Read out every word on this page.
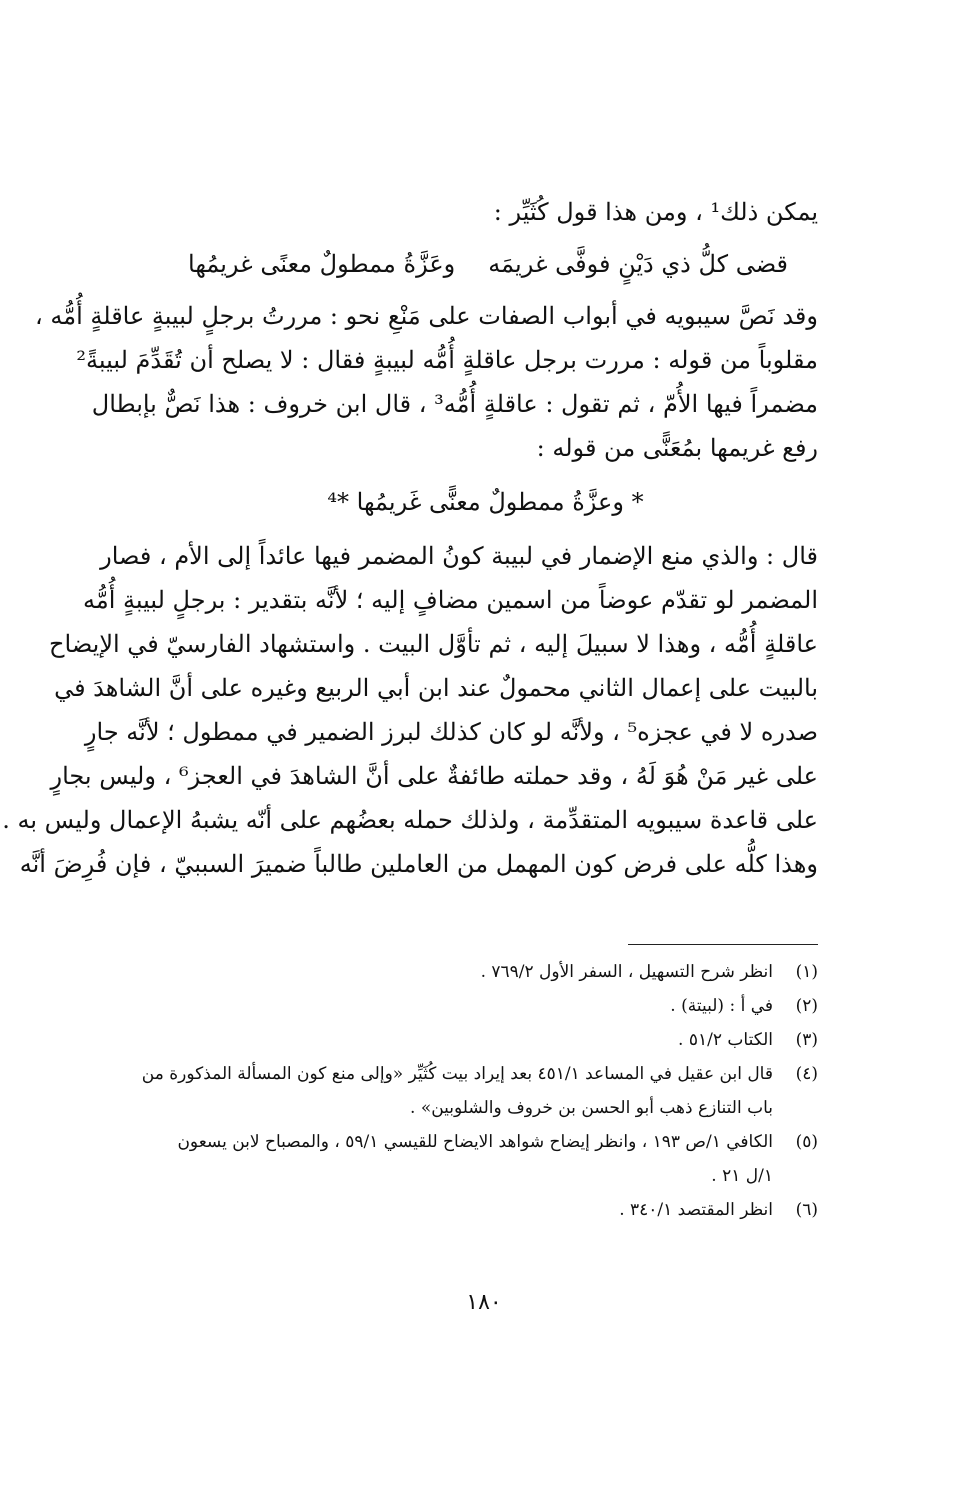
يمكن ذلك¹ ، ومن هذا قول كُثَيِّر :
قضى كلُّ ذي دَيْنٍ فوفَّى غريمَه
وعَزَّةُ ممطولٌ معنًى غريمُها
وقد نَصَّ سيبويه في أبواب الصفات على مَنْعِ نحو : مررتُ برجلٍ لبيبةٍ عاقلةٍ أُمُّه ،
مقلوباً من قوله : مررت برجل عاقلةٍ أُمُّه لبيبةٍ فقال : لا يصلح أن تُقَدِّمَ لبيبةً²
مضمراً فيها الأُمّ ، ثم تقول : عاقلةٍ أُمُّه³ ، قال ابن خروف : هذا نَصٌّ بإبطال
رفع غريمها بمُعَنًّى من قوله :
* وعزَّةُ ممطولٌ معنًّى غَريمُها *⁴
قال : والذي منع الإضمار في لبيبة كونُ المضمر فيها عائداً إلى الأم ، فصار
المضمر لو تقدّم عوضاً من اسمين مضافٍ إليه ؛ لأنَّه بتقدير : برجلٍ لبيبةٍ أُمُّه
عاقلةٍ أُمُّه ، وهذا لا سبيلَ إليه ، ثم تأوَّل البيت . واستشهاد الفارسيّ في الإيضاح
بالبيت على إعمال الثاني محمولٌ عند ابن أبي الربيع وغيره على أنَّ الشاهدَ في
صدره لا في عجزه⁵ ، ولأنَّه لو كان كذلك لبرز الضمير في ممطول ؛ لأنَّه جارٍ
على غير مَنْ هُوَ لَهُ ، وقد حملته طائفةٌ على أنَّ الشاهدَ في العجز⁶ ، وليس بجارٍ
على قاعدة سيبويه المتقدِّمة ، ولذلك حمله بعضُهم على أنّه يشبهُ الإعمال وليس به .
وهذا كلُّه على فرض كون المهمل من العاملين طالباً ضميرَ السببيّ ، فإن فُرِضَ أنَّه
(١)
انظر شرح التسهيل ، السفر الأول ٧٦٩/٢ .
(٢)
في أ : (لبيتة) .
(٣)
الكتاب ٥١/٢ .
(٤)
قال ابن عقيل في المساعد ٤٥١/١ بعد إيراد بيت كُثَيِّر «وإلى منع كون المسألة المذكورة من
باب التنازع ذهب أبو الحسن بن خروف والشلوبين» .
(٥)
الكافي ١/ص ١٩٣ ، وانظر إيضاح شواهد الايضاح للقيسي ٥٩/١ ، والمصباح لابن يسعون
١/ل ٢١ .
(٦)
انظر المقتصد ٣٤٠/١ .
١٨٠
